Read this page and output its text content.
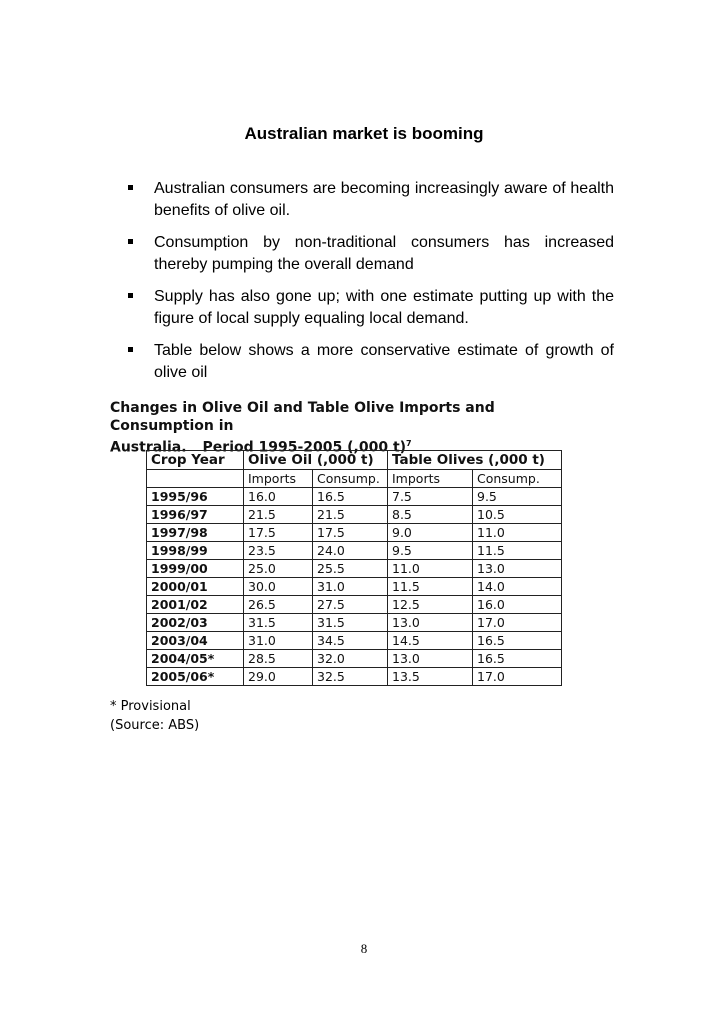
Australian market is booming
Australian consumers are becoming increasingly aware of health benefits of olive oil.
Consumption by non-traditional consumers has increased thereby pumping the overall demand
Supply has also gone up; with one estimate putting up with the figure of local supply equaling local demand.
Table below shows a more conservative estimate of growth of olive oil
Changes in Olive Oil and Table Olive Imports and Consumption in
Australia. Period 1995-2005 (,000 t)$^7$
Crop Year	Olive Oil (,000 t)		Table Olives (,000 t)	
	Imports	Consump.	Imports	Consump.
1995/96	16.0	16.5	7.5	9.5
1996/97	21.5	21.5	8.5	10.5
1997/98	17.5	17.5	9.0	11.0
1998/99	23.5	24.0	9.5	11.5
1999/00	25.0	25.5	11.0	13.0
2000/01	30.0	31.0	11.5	14.0
2001/02	26.5	27.5	12.5	16.0
2002/03	31.5	31.5	13.0	17.0
2003/04	31.0	34.5	14.5	16.5
2004/05*	28.5	32.0	13.0	16.5
2005/06*	29.0	32.5	13.5	17.0
* Provisional
(Source: ABS)
8
